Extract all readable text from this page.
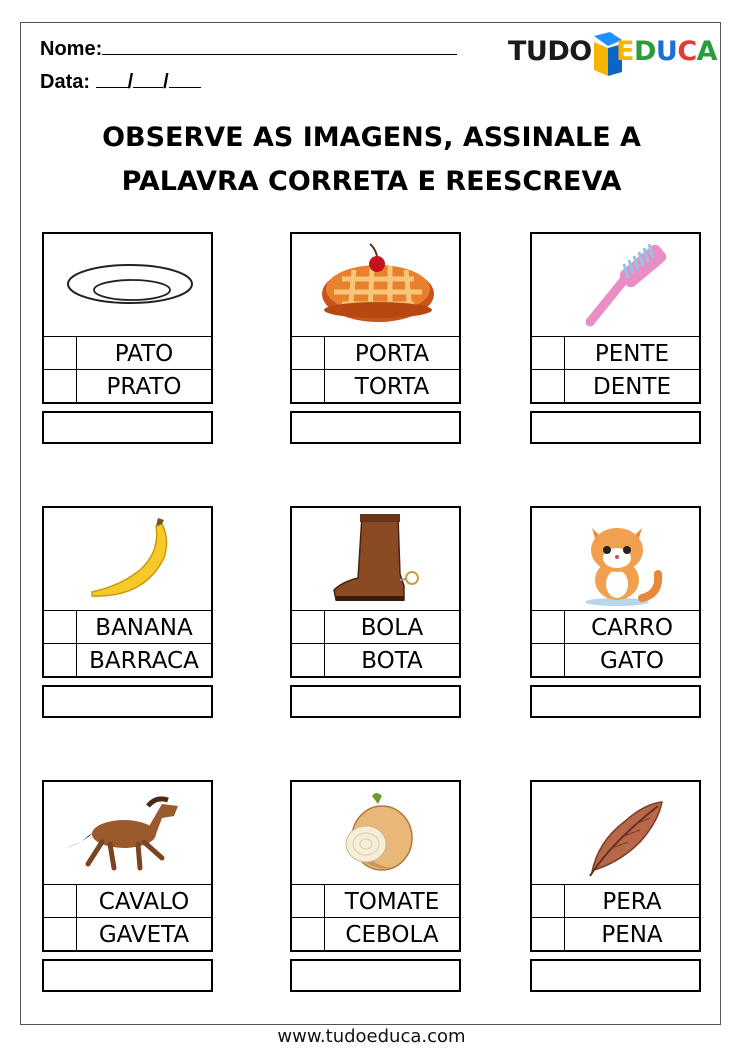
Nome:
Data: / /
TUDO EDUCA
OBSERVE AS IMAGENS, ASSINALE A
PALAVRA CORRETA E REESCREVA
PATO
PRATO
PORTA
TORTA
PENTE
DENTE
BANANA
BARRACA
BOLA
BOTA
CARRO
GATO
CAVALO
GAVETA
TOMATE
CEBOLA
PERA
PENA
www.tudoeduca.com
